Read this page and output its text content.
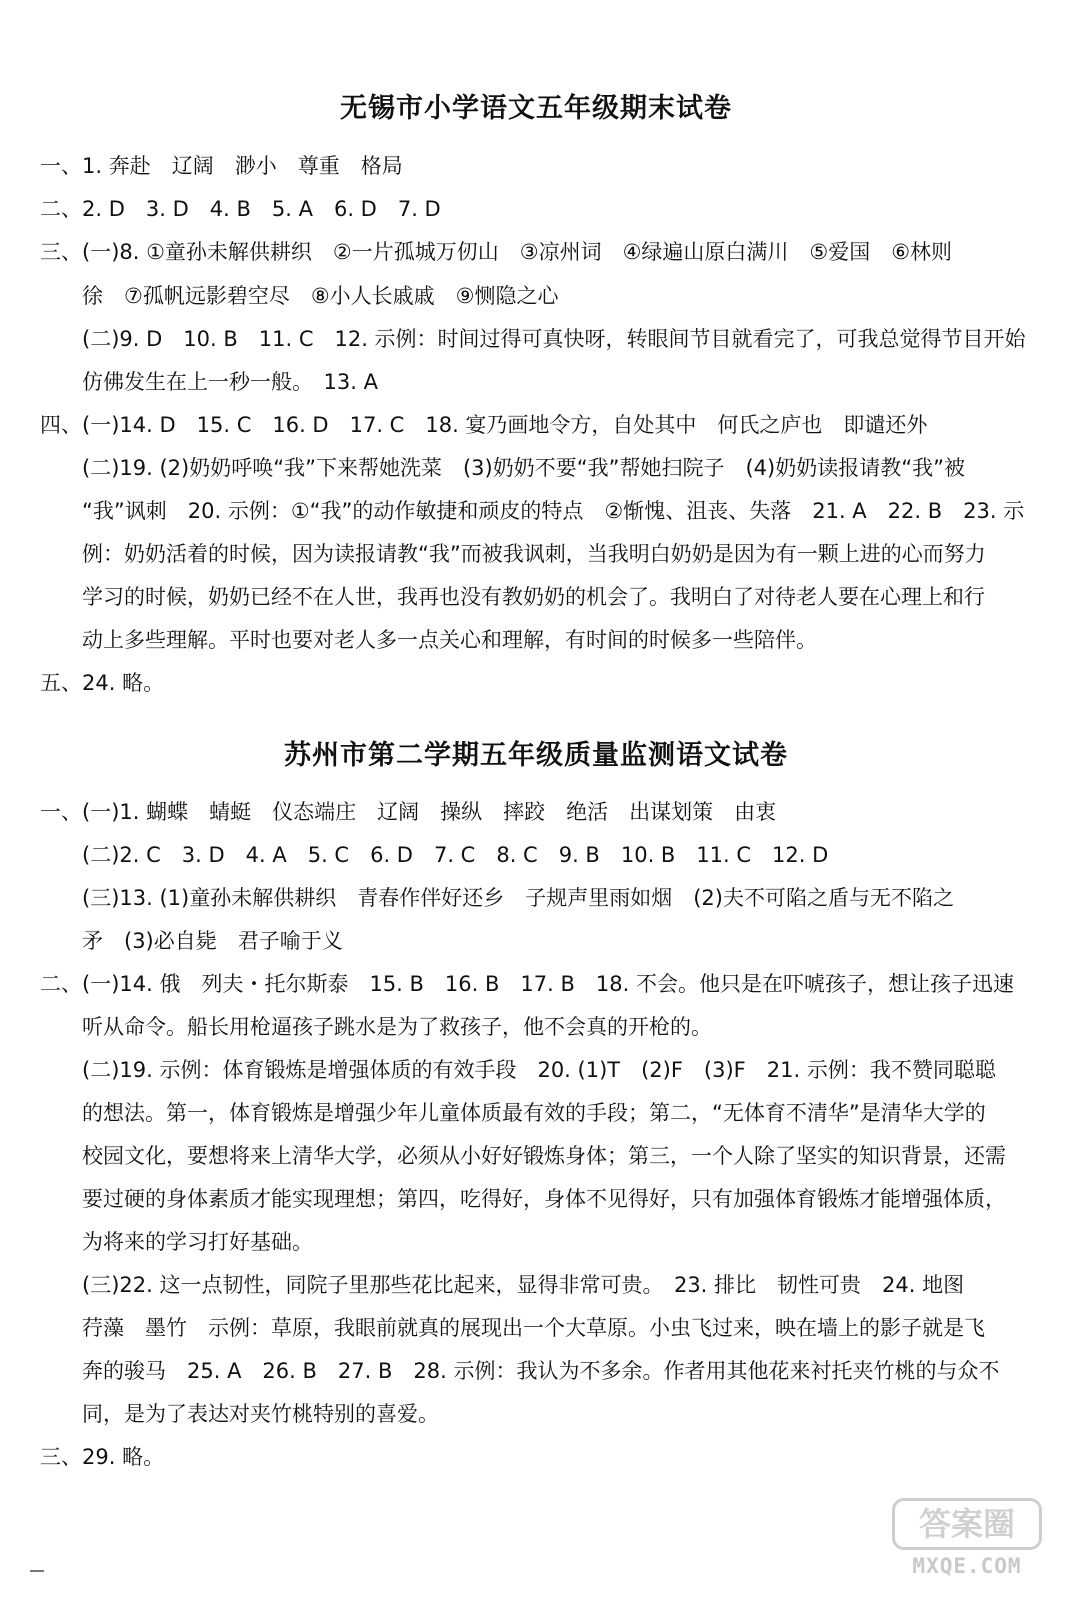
无锡市小学语文五年级期末试卷

一、1. 奔赴　辽阔　渺小　尊重　格局

二、2. D　3. D　4. B　5. A　6. D　7. D

三、(一)8. ①童孙未解供耕织　②一片孤城万仞山　③凉州词　④绿遍山原白满川　⑤爱国　⑥林则

徐　⑦孤帆远影碧空尽　⑧小人长戚戚　⑨恻隐之心

(二)9. D　10. B　11. C　12. 示例：时间过得可真快呀，转眼间节目就看完了，可我总觉得节目开始

仿佛发生在上一秒一般。　13. A

四、(一)14. D　15. C　16. D　17. C　18. 宴乃画地令方，自处其中　何氏之庐也　即谴还外

(二)19. (2)奶奶呼唤“我”下来帮她洗菜　(3)奶奶不要“我”帮她扫院子　(4)奶奶读报请教“我”被

“我”讽刺　20. 示例：①“我”的动作敏捷和顽皮的特点　②惭愧、沮丧、失落　21. A　22. B　23. 示

例：奶奶活着的时候，因为读报请教“我”而被我讽刺，当我明白奶奶是因为有一颗上进的心而努力

学习的时候，奶奶已经不在人世，我再也没有教奶奶的机会了。我明白了对待老人要在心理上和行

动上多些理解。平时也要对老人多一点关心和理解，有时间的时候多一些陪伴。

五、24. 略。

苏州市第二学期五年级质量监测语文试卷

一、(一)1. 蝴蝶　蜻蜓　仪态端庄　辽阔　操纵　摔跤　绝活　出谋划策　由衷

(二)2. C　3. D　4. A　5. C　6. D　7. C　8. C　9. B　10. B　11. C　12. D

(三)13. (1)童孙未解供耕织　青春作伴好还乡　子规声里雨如烟　(2)夫不可陷之盾与无不陷之

矛　(3)必自毙　君子喻于义

二、(一)14. 俄　列夫・托尔斯泰　15. B　16. B　17. B　18. 不会。他只是在吓唬孩子，想让孩子迅速

听从命令。船长用枪逼孩子跳水是为了救孩子，他不会真的开枪的。

(二)19. 示例：体育锻炼是增强体质的有效手段　20. (1)T　(2)F　(3)F　21. 示例：我不赞同聪聪

的想法。第一，体育锻炼是增强少年儿童体质最有效的手段；第二，“无体育不清华”是清华大学的

校园文化，要想将来上清华大学，必须从小好好锻炼身体；第三，一个人除了坚实的知识背景，还需

要过硬的身体素质才能实现理想；第四，吃得好，身体不见得好，只有加强体育锻炼才能增强体质，

为将来的学习打好基础。

(三)22. 这一点韧性，同院子里那些花比起来，显得非常可贵。　23. 排比　韧性可贵　24. 地图

荇藻　墨竹　示例：草原，我眼前就真的展现出一个大草原。小虫飞过来，映在墙上的影子就是飞

奔的骏马　25. A　26. B　27. B　28. 示例：我认为不多余。作者用其他花来衬托夹竹桃的与众不

同，是为了表达对夹竹桃特别的喜爱。

三、29. 略。

答案圈
MXQE.COM
